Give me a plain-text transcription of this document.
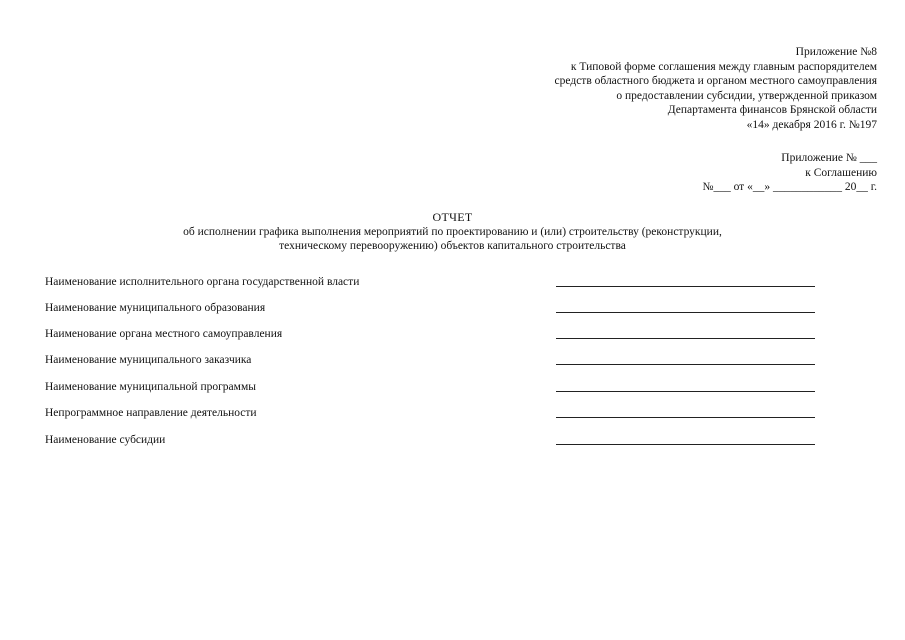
Приложение №8
к Типовой форме соглашения между главным распорядителем
средств областного бюджета и органом местного самоуправления
о предоставлении субсидии, утвержденной приказом
Департамента финансов Брянской области
«14» декабря 2016 г. №197
Приложение № ___
к Соглашению
№___ от «__» ____________ 20__ г.
ОТЧЕТ
об исполнении графика выполнения мероприятий по проектированию и (или) строительству (реконструкции,
техническому перевооружению) объектов капитального строительства
Наименование исполнительного органа государственной власти
Наименование муниципального образования
Наименование органа местного самоуправления
Наименование муниципального заказчика
Наименование муниципальной программы
Непрограммное направление деятельности
Наименование субсидии
